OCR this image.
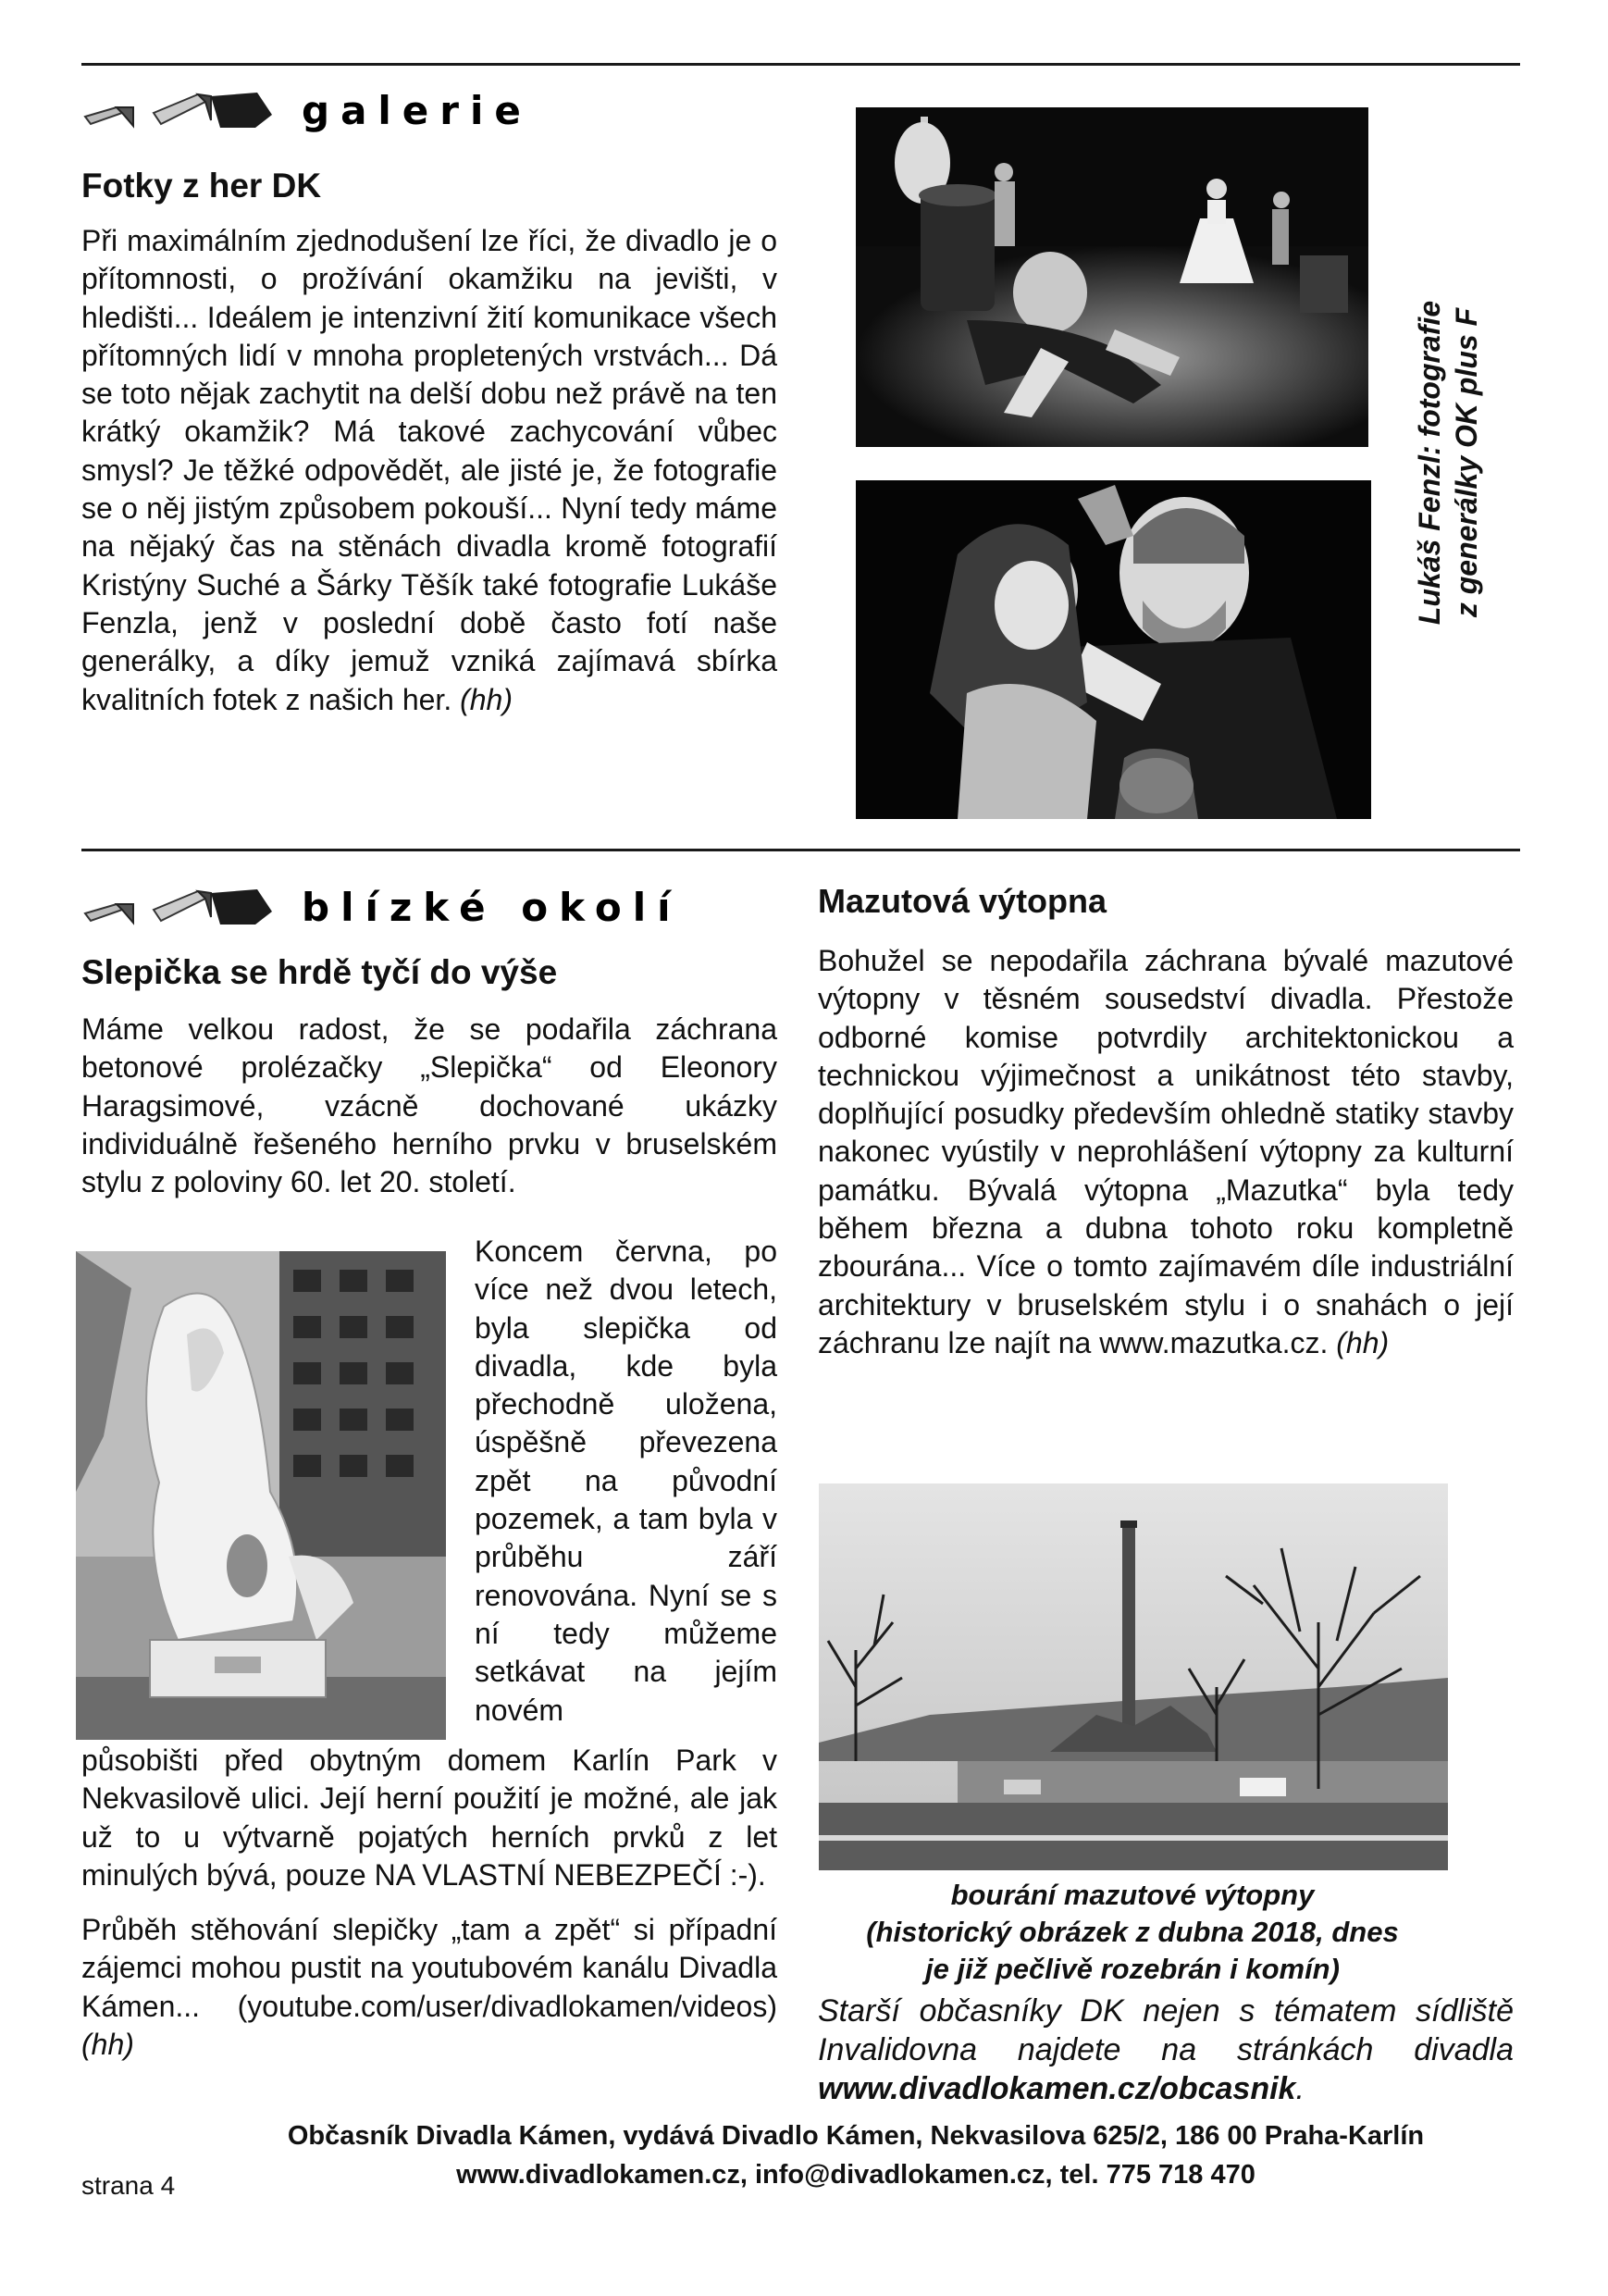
galerie
Fotky z her DK

Při maximálním zjednodušení lze říci, že divadlo je o přítomnosti, o prožívání okamžiku na jevišti, v hledišti... Ideálem je intenzivní žití komunikace všech přítomných lidí v mnoha propletených vrstvách... Dá se toto nějak zachytit na delší dobu než právě na ten krátký okamžik? Má takové zachycování vůbec smysl? Je těžké odpovědět, ale jisté je, že fotografie se o něj jistým způsobem pokouší... Nyní tedy máme na nějaký čas na stěnách divadla kromě fotografií Kristýny Suché a Šárky Těšík také fotografie Lukáše Fenzla, jenž v poslední době často fotí naše generálky, a díky jemuž vzniká zajímavá sbírka kvalitních fotek z našich her. (hh)

Lukáš Fenzl: fotografie z generálky OK plus F
blízké okolí
Slepička se hrdě tyčí do výše
Máme velkou radost, že se podařila záchrana betonové prolézačky „Slepička“ od Eleonory Haragsimové, vzácně dochované ukázky individuálně řešeného herního prvku v bruselském stylu z poloviny 60. let 20. století.
Koncem června, po více než dvou letech, byla slepička od divadla, kde byla přechodně uložena, úspěšně převezena zpět na původní pozemek, a tam byla v průběhu září renovována. Nyní se s ní tedy můžeme setkávat na jejím novém

působišti před obytným domem Karlín Park v Nekvasilově ulici. Její herní použití je možné, ale jak už to u výtvarně pojatých herních prvků z let minulých bývá, pouze NA VLASTNÍ NEBEZPEČÍ :-).

Průběh stěhování slepičky „tam a zpět“ si případní zájemci mohou pustit na youtubovém kanálu Divadla Kámen... (youtube.com/user/divadlokamen/videos) (hh)

Mazutová výtopna

Bohužel se nepodařila záchrana bývalé mazutové výtopny v těsném sousedství divadla. Přestože odborné komise potvrdily architektonickou a technickou výjimečnost a unikátnost této stavby, doplňující posudky především ohledně statiky stavby nakonec vyústily v neprohlášení výtopny za kulturní památku. Bývalá výtopna „Mazutka“ byla tedy během března a dubna tohoto roku kompletně zbourána... Více o tomto zajímavém díle industriální architektury v bruselském stylu i o snahách o její záchranu lze najít na www.mazutka.cz. (hh)

bourání mazutové výtopny
(historický obrázek z dubna 2018, dnes
je již pečlivě rozebrán i komín)
Starší občasníky DK nejen s tématem sídliště Invalidovna najdete na stránkách divadla www.divadlokamen.cz/obcasnik.
Občasník Divadla Kámen, vydává Divadlo Kámen, Nekvasilova 625/2, 186 00 Praha-Karlín
www.divadlokamen.cz, info@divadlokamen.cz, tel. 775 718 470
strana 4
